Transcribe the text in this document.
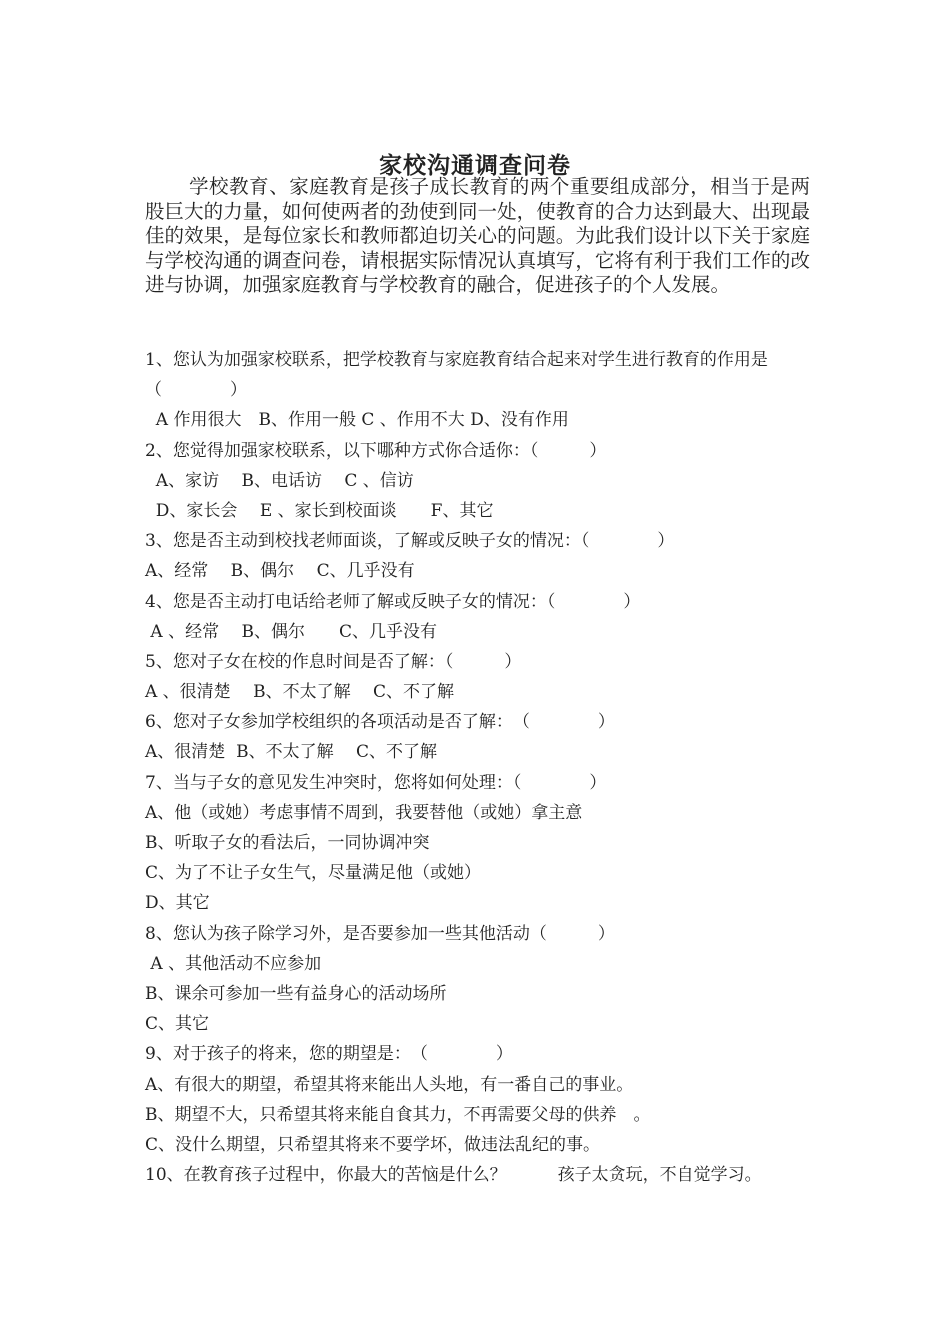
家校沟通调查问卷

学校教育、家庭教育是孩子成长教育的两个重要组成部分，相当于是两股巨大的力量，如何使两者的劲使到同一处，使教育的合力达到最大、出现最佳的效果，是每位家长和教师都迫切关心的问题。为此我们设计以下关于家庭与学校沟通的调查问卷，请根据实际情况认真填写，它将有利于我们工作的改进与协调，加强家庭教育与学校教育的融合，促进孩子的个人发展。

1、您认为加强家校联系，把学校教育与家庭教育结合起来对学生进行教育的作用是（　　　　）

A 作用很大　B、作用一般 C 、作用不大 D、没有作用

2、您觉得加强家校联系，以下哪种方式你合适你：（　　　）

A、家访　 B、电话访　 C 、信访

D、家长会　 E 、家长到校面谈　　F、其它

3、您是否主动到校找老师面谈，了解或反映子女的情况：（　　　　）

A、经常　 B、偶尔　 C、几乎没有

4、您是否主动打电话给老师了解或反映子女的情况：（　　　　）

A 、经常　 B、偶尔　　C、几乎没有

5、您对子女在校的作息时间是否了解：（　　　）

A 、很清楚　 B、不太了解　 C、不了解

6、您对子女参加学校组织的各项活动是否了解：　（　　　　）

A、很清楚  B、不太了解　 C、不了解

7、当与子女的意见发生冲突时，您将如何处理：（　　　　）

A、他（或她）考虑事情不周到，我要替他（或她）拿主意

B、听取子女的看法后，一同协调冲突

C、为了不让子女生气，尽量满足他（或她）

D、其它

8、您认为孩子除学习外，是否要参加一些其他活动（　　　）

A 、其他活动不应参加

B、课余可参加一些有益身心的活动场所

C、其它

9、对于孩子的将来，您的期望是：　（　　　　）

A、有很大的期望，希望其将来能出人头地，有一番自己的事业。

B、期望不大，只希望其将来能自食其力，不再需要父母的供养　。

C、没什么期望，只希望其将来不要学坏，做违法乱纪的事。

10、在教育孩子过程中，你最大的苦恼是什么？　　　孩子太贪玩，不自觉学习。
